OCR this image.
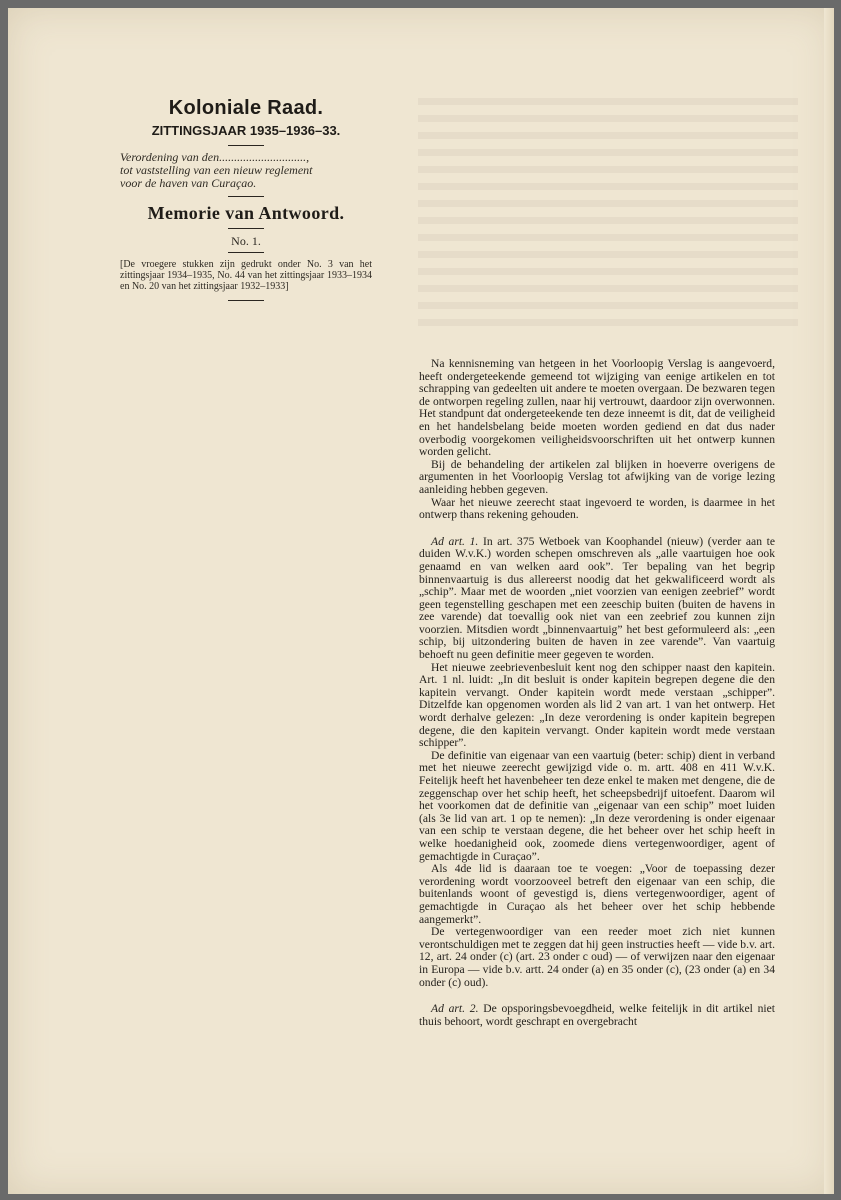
Koloniale Raad.
ZITTINGSJAAR 1935–1936–33.
Verordening van den.............................,
tot vaststelling van een nieuw reglement
voor de haven van Curaçao.
Memorie van Antwoord.
No. 1.
[De vroegere stukken zijn gedrukt onder No. 3 van het zittingsjaar 1934–1935, No. 44 van het zittingsjaar 1933–1934 en No. 20 van het zittingsjaar 1932–1933]

Na kennisneming van hetgeen in het Voorloopig Verslag is aangevoerd, heeft ondergeteekende gemeend tot wijziging van eenige artikelen en tot schrapping van gedeelten uit andere te moeten overgaan. De bezwaren tegen de ontworpen regeling zullen, naar hij vertrouwt, daardoor zijn overwonnen. Het standpunt dat ondergeteekende ten deze inneemt is dit, dat de veiligheid en het handelsbelang beide moeten worden gediend en dat dus nader overbodig voorgekomen veiligheidsvoorschriften uit het ontwerp kunnen worden gelicht.

Bij de behandeling der artikelen zal blijken in hoeverre overigens de argumenten in het Voorloopig Verslag tot afwijking van de vorige lezing aanleiding hebben gegeven.

Waar het nieuwe zeerecht staat ingevoerd te worden, is daarmee in het ontwerp thans rekening gehouden.

Ad art. 1. In art. 375 Wetboek van Koophandel (nieuw) (verder aan te duiden W.v.K.) worden schepen omschreven als „alle vaartuigen hoe ook genaamd en van welken aard ook”. Ter bepaling van het begrip binnenvaartuig is dus allereerst noodig dat het gekwalificeerd wordt als „schip”. Maar met de woorden „niet voorzien van eenigen zeebrief” wordt geen tegenstelling geschapen met een zeeschip buiten (buiten de havens in zee varende) dat toevallig ook niet van een zeebrief zou kunnen zijn voorzien. Mitsdien wordt „binnenvaartuig” het best geformuleerd als: „een schip, bij uitzondering buiten de haven in zee varende”. Van vaartuig behoeft nu geen definitie meer gegeven te worden.

Het nieuwe zeebrievenbesluit kent nog den schipper naast den kapitein. Art. 1 nl. luidt: „In dit besluit is onder kapitein begrepen degene die den kapitein vervangt. Onder kapitein wordt mede verstaan „schipper”. Ditzelfde kan opgenomen worden als lid 2 van art. 1 van het ontwerp. Het wordt derhalve gelezen: „In deze verordening is onder kapitein begrepen degene, die den kapitein vervangt. Onder kapitein wordt mede verstaan schipper”.

De definitie van eigenaar van een vaartuig (beter: schip) dient in verband met het nieuwe zeerecht gewijzigd vide o. m. artt. 408 en 411 W.v.K. Feitelijk heeft het havenbeheer ten deze enkel te maken met dengene, die de zeggenschap over het schip heeft, het scheepsbedrijf uitoefent. Daarom wil het voorkomen dat de definitie van „eigenaar van een schip” moet luiden (als 3e lid van art. 1 op te nemen): „In deze verordening is onder eigenaar van een schip te verstaan degene, die het beheer over het schip heeft in welke hoedanigheid ook, zoomede diens vertegenwoordiger, agent of gemachtigde in Curaçao”.

Als 4de lid is daaraan toe te voegen: „Voor de toepassing dezer verordening wordt voorzooveel betreft den eigenaar van een schip, die buitenlands woont of gevestigd is, diens vertegenwoordiger, agent of gemachtigde in Curaçao als het beheer over het schip hebbende aangemerkt”.

De vertegenwoordiger van een reeder moet zich niet kunnen verontschuldigen met te zeggen dat hij geen instructies heeft — vide b.v. art. 12, art. 24 onder (c) (art. 23 onder c oud) — of verwijzen naar den eigenaar in Europa — vide b.v. artt. 24 onder (a) en 35 onder (c), (23 onder (a) en 34 onder (c) oud).

Ad art. 2. De opsporingsbevoegdheid, welke feitelijk in dit artikel niet thuis behoort, wordt geschrapt en overgebracht
